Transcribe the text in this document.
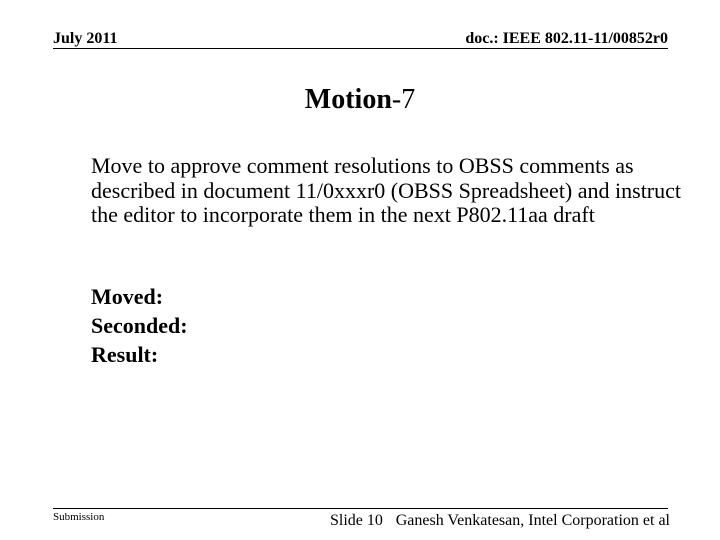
July 2011	doc.: IEEE 802.11-11/00852r0
Motion-7
Move to approve comment resolutions to OBSS comments as described in document 11/0xxxr0 (OBSS Spreadsheet) and instruct the editor to incorporate them in the next P802.11aa draft
Moved:
Seconded:
Result:
Submission	Slide 10 Ganesh Venkatesan, Intel Corporation et al
